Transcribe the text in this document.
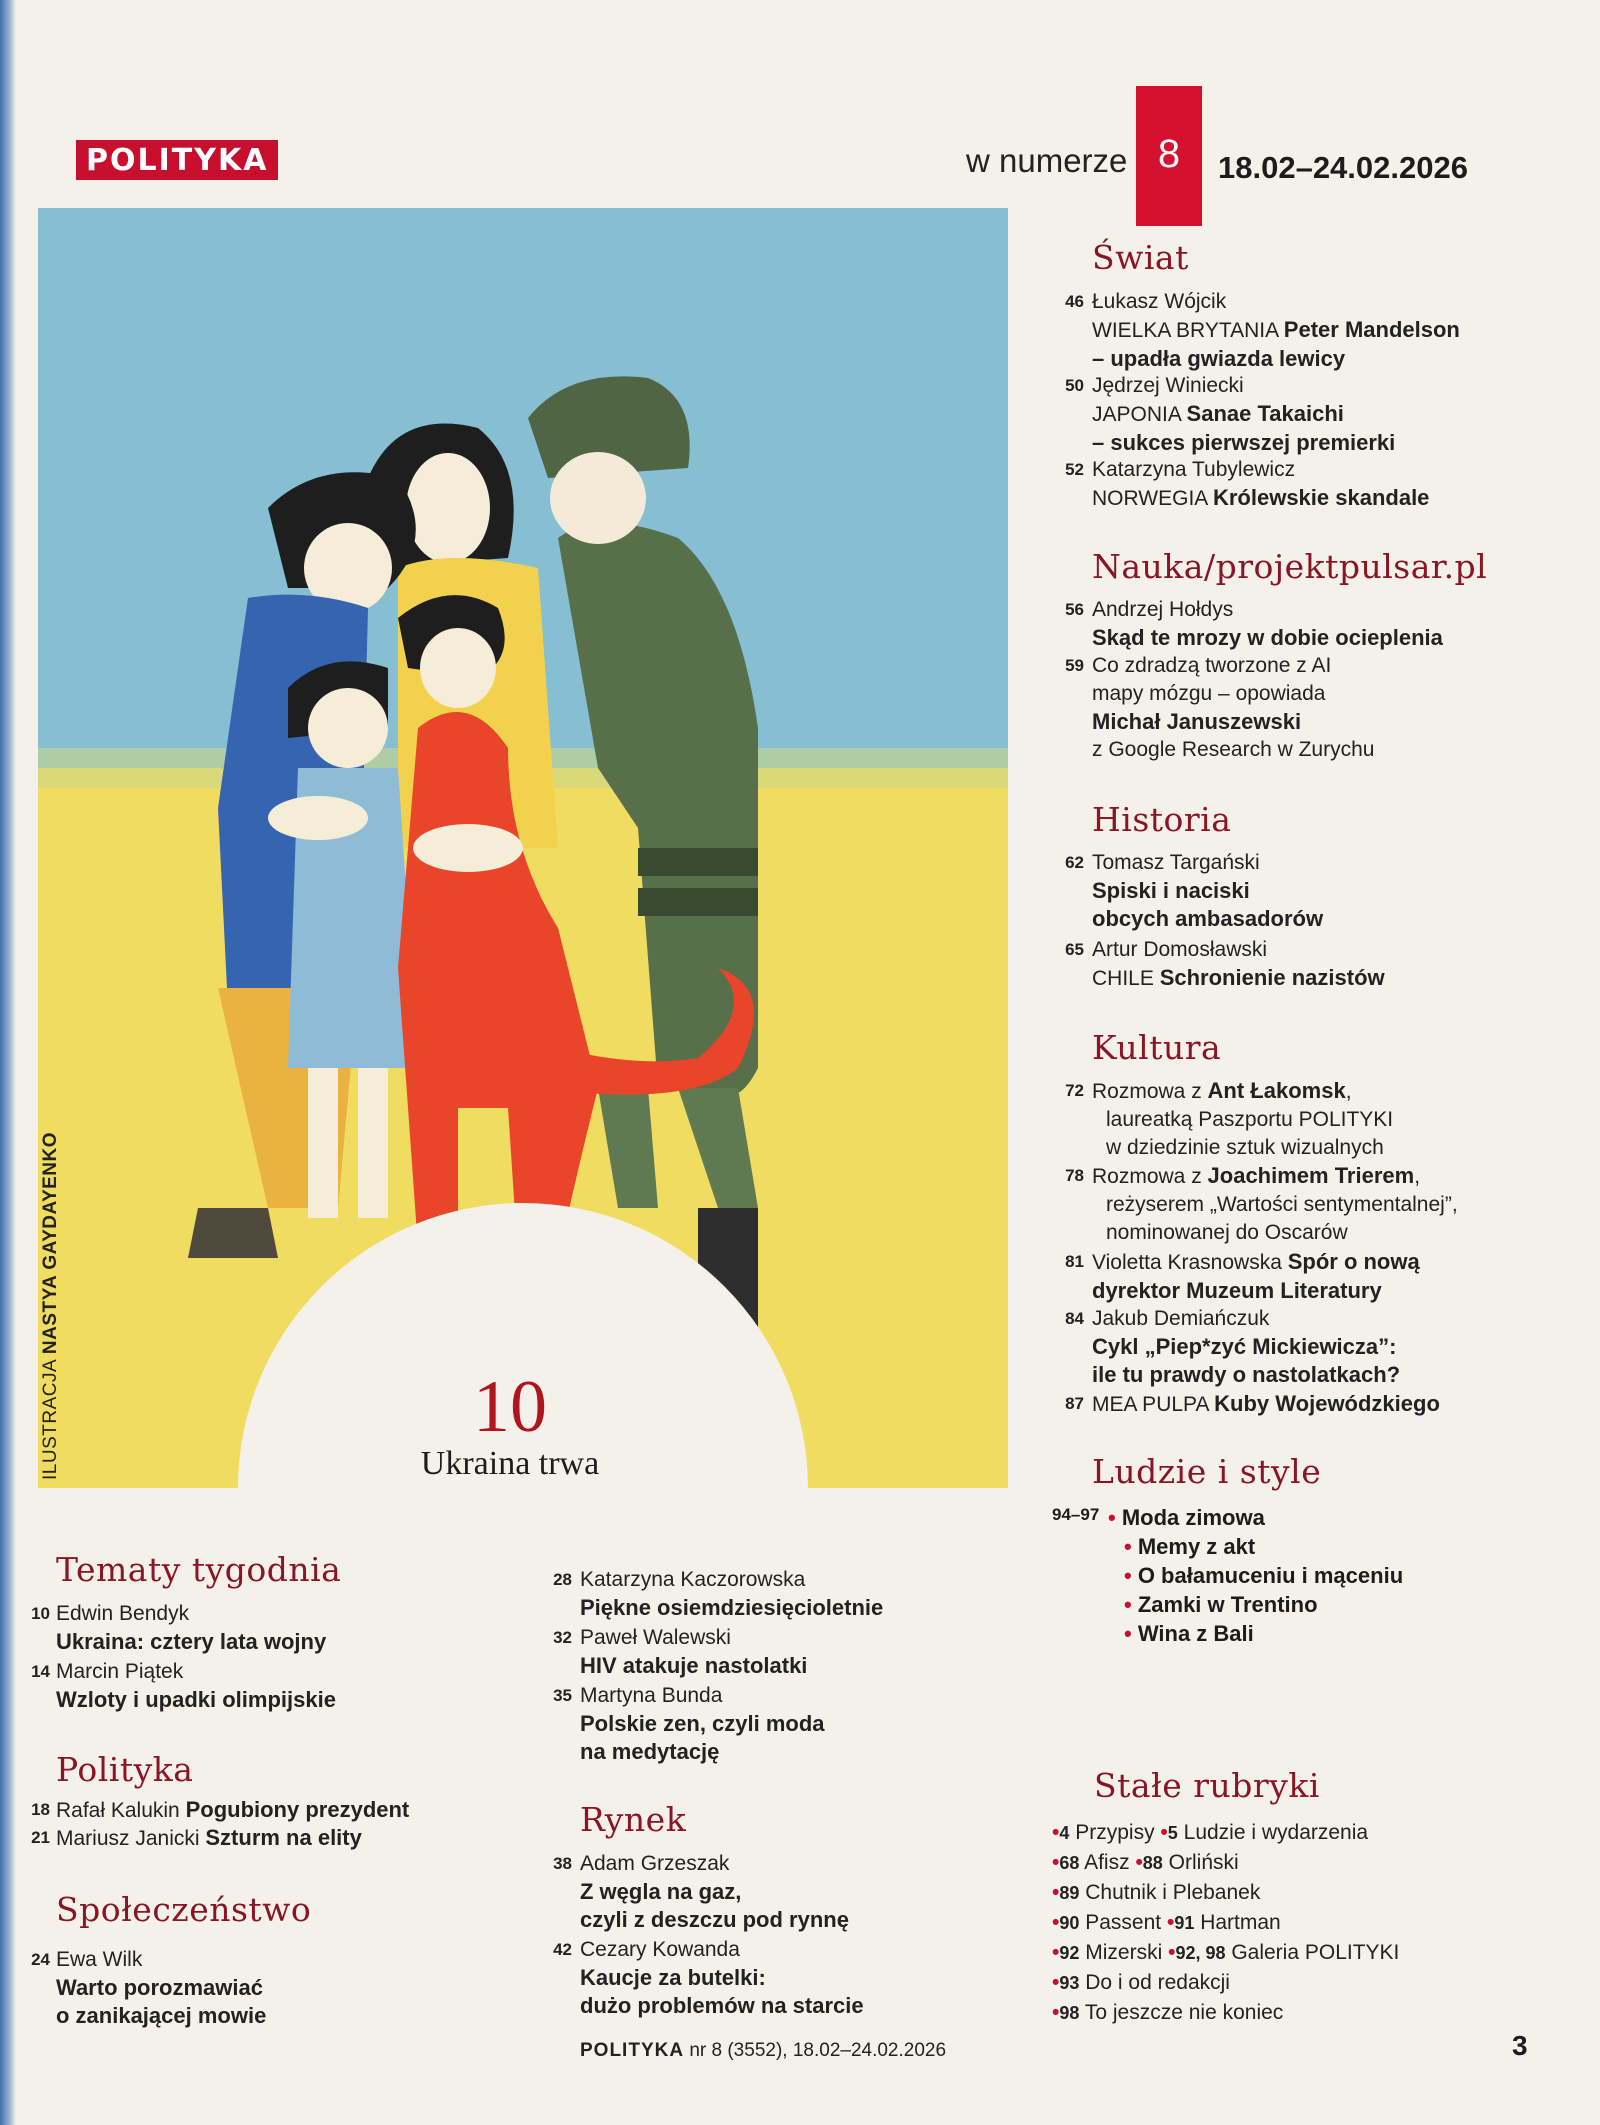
POLITYKA	w numerze 8	18.02–24.02.2026
ILUSTRACJA NASTYA GAYDAYENKO
10
Ukraina trwa
Świat
46 Łukasz Wójcik
WIELKA BRYTANIA Peter Mandelson
– upadła gwiazda lewicy
50 Jędrzej Winiecki
JAPONIA Sanae Takaichi
– sukces pierwszej premierki
52 Katarzyna Tubylewicz
NORWEGIA Królewskie skandale
Nauka/projektpulsar.pl
56 Andrzej Hołdys
Skąd te mrozy w dobie ocieplenia
59 Co zdradzą tworzone z AI
mapy mózgu – opowiada
Michał Januszewski
z Google Research w Zurychu
Historia
62 Tomasz Targański
Spiski i naciski
obcych ambasadorów
65 Artur Domosławski
CHILE Schronienie nazistów
Kultura
72 Rozmowa z Ant Łakomsk,
laureatką Paszportu POLITYKI
w dziedzinie sztuk wizualnych
78 Rozmowa z Joachimem Trierem,
reżyserem „Wartości sentymentalnej”,
nominowanej do Oscarów
81 Violetta Krasnowska Spór o nową
dyrektor Muzeum Literatury
84 Jakub Demiańczuk
Cykl „Piep*zyć Mickiewicza”:
ile tu prawdy o nastolatkach?
87 MEA PULPA Kuby Wojewódzkiego
Ludzie i style
94–97 • Moda zimowa
• Memy z akt
• O bałamuceniu i mąceniu
• Zamki w Trentino
• Wina z Bali
Stałe rubryki
•4 Przypisy •5 Ludzie i wydarzenia
•68 Afisz •88 Orliński
•89 Chutnik i Plebanek
•90 Passent •91 Hartman
•92 Mizerski •92, 98 Galeria POLITYKI
•93 Do i od redakcji
•98 To jeszcze nie koniec
Tematy tygodnia
10 Edwin Bendyk
Ukraina: cztery lata wojny
14 Marcin Piątek
Wzloty i upadki olimpijskie
Polityka
18 Rafał Kalukin Pogubiony prezydent
21 Mariusz Janicki Szturm na elity
Społeczeństwo
24 Ewa Wilk
Warto porozmawiać
o zanikającej mowie
28 Katarzyna Kaczorowska
Piękne osiemdziesięcioletnie
32 Paweł Walewski
HIV atakuje nastolatki
35 Martyna Bunda
Polskie zen, czyli moda
na medytację
Rynek
38 Adam Grzeszak
Z węgla na gaz,
czyli z deszczu pod rynnę
42 Cezary Kowanda
Kaucje za butelki:
dużo problemów na starcie
POLITYKA nr 8 (3552), 18.02–24.02.2026	3
